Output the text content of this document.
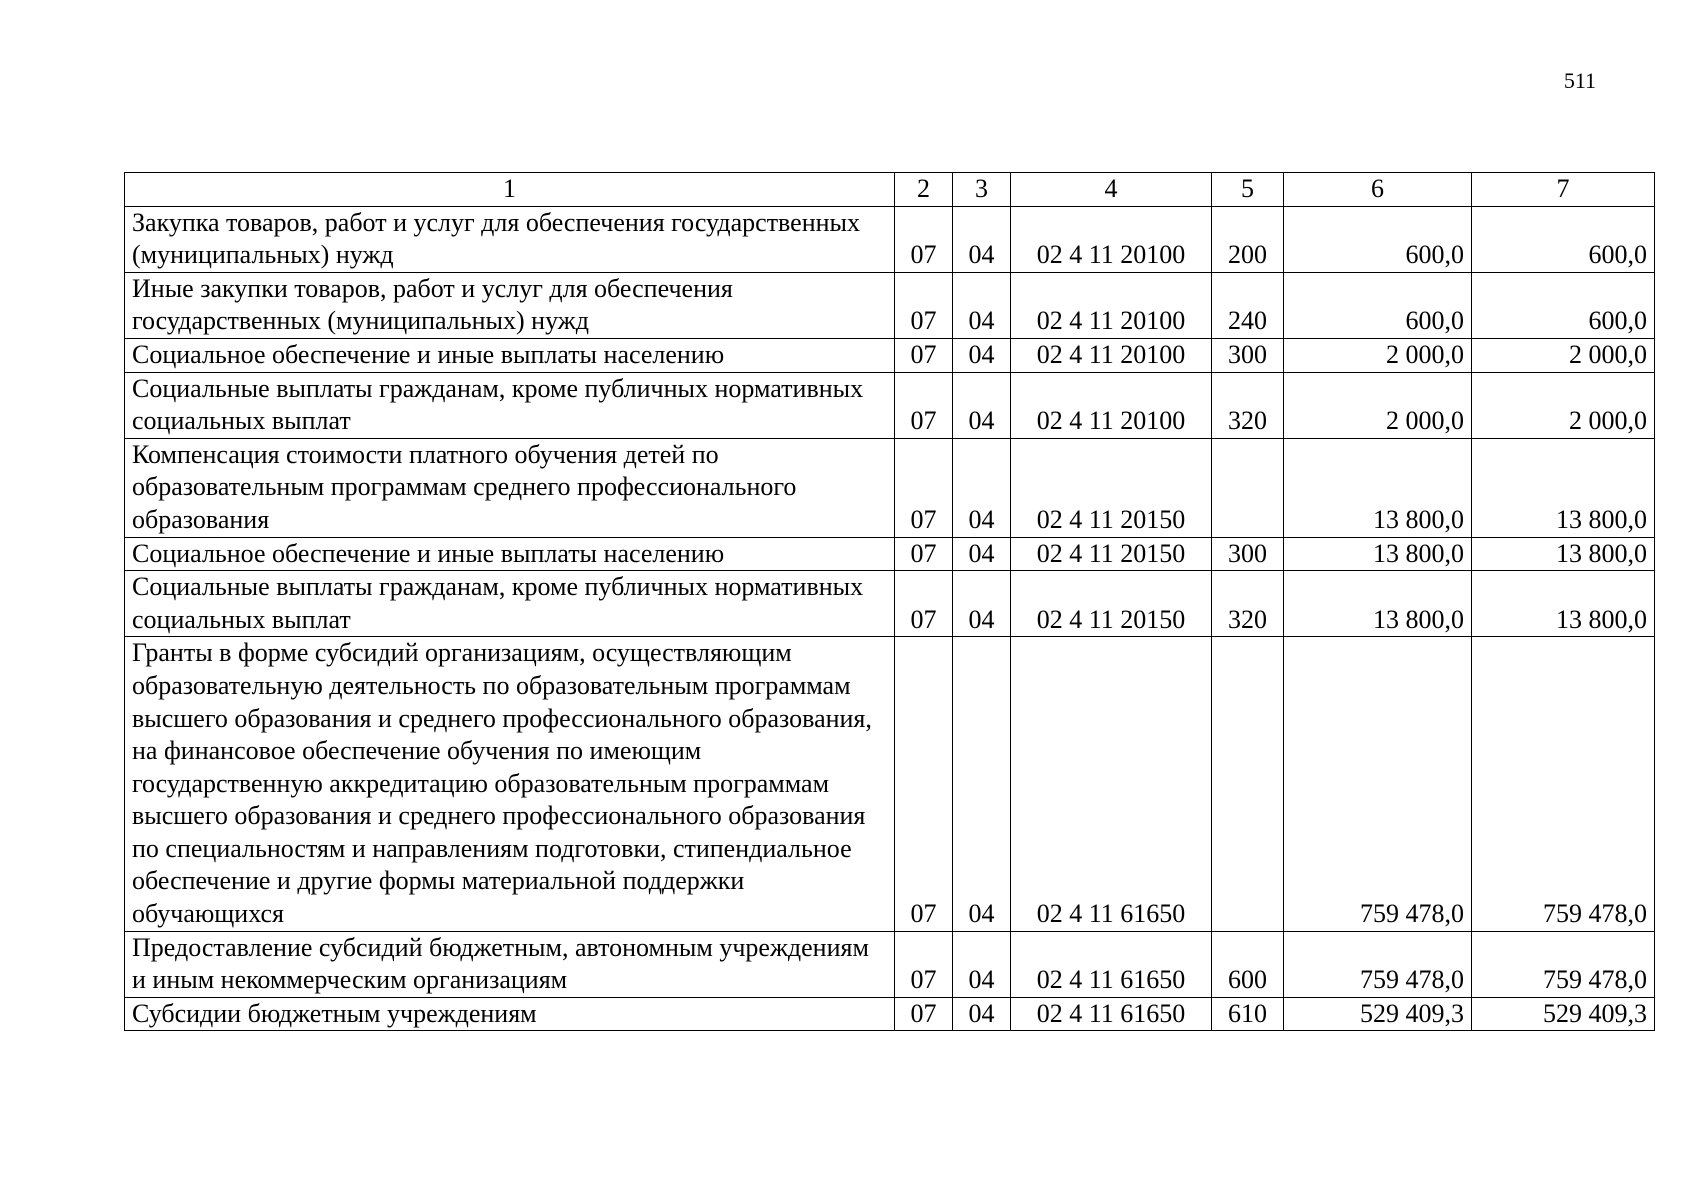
511
1	2	3	4	5	6	7
Закупка товаров, работ и услуг для обеспечения государственных (муниципальных) нужд	07	04	02 4 11 20100	200	600,0	600,0
Иные закупки товаров, работ и услуг для обеспечения государственных (муниципальных) нужд	07	04	02 4 11 20100	240	600,0	600,0
Социальное обеспечение и иные выплаты населению	07	04	02 4 11 20100	300	2 000,0	2 000,0
Социальные выплаты гражданам, кроме публичных нормативных социальных выплат	07	04	02 4 11 20100	320	2 000,0	2 000,0
Компенсация стоимости платного обучения детей по образовательным программам среднего профессионального образования	07	04	02 4 11 20150		13 800,0	13 800,0
Социальное обеспечение и иные выплаты населению	07	04	02 4 11 20150	300	13 800,0	13 800,0
Социальные выплаты гражданам, кроме публичных нормативных социальных выплат	07	04	02 4 11 20150	320	13 800,0	13 800,0
Гранты в форме субсидий организациям, осуществляющим образовательную деятельность по образовательным программам высшего образования и среднего профессионального образования, на финансовое обеспечение обучения по имеющим государственную аккредитацию образовательным программам высшего образования и среднего профессионального образования по специальностям и направлениям подготовки, стипендиальное обеспечение и другие формы материальной поддержки обучающихся	07	04	02 4 11 61650		759 478,0	759 478,0
Предоставление субсидий бюджетным, автономным учреждениям и иным некоммерческим организациям	07	04	02 4 11 61650	600	759 478,0	759 478,0
Субсидии бюджетным учреждениям	07	04	02 4 11 61650	610	529 409,3	529 409,3
